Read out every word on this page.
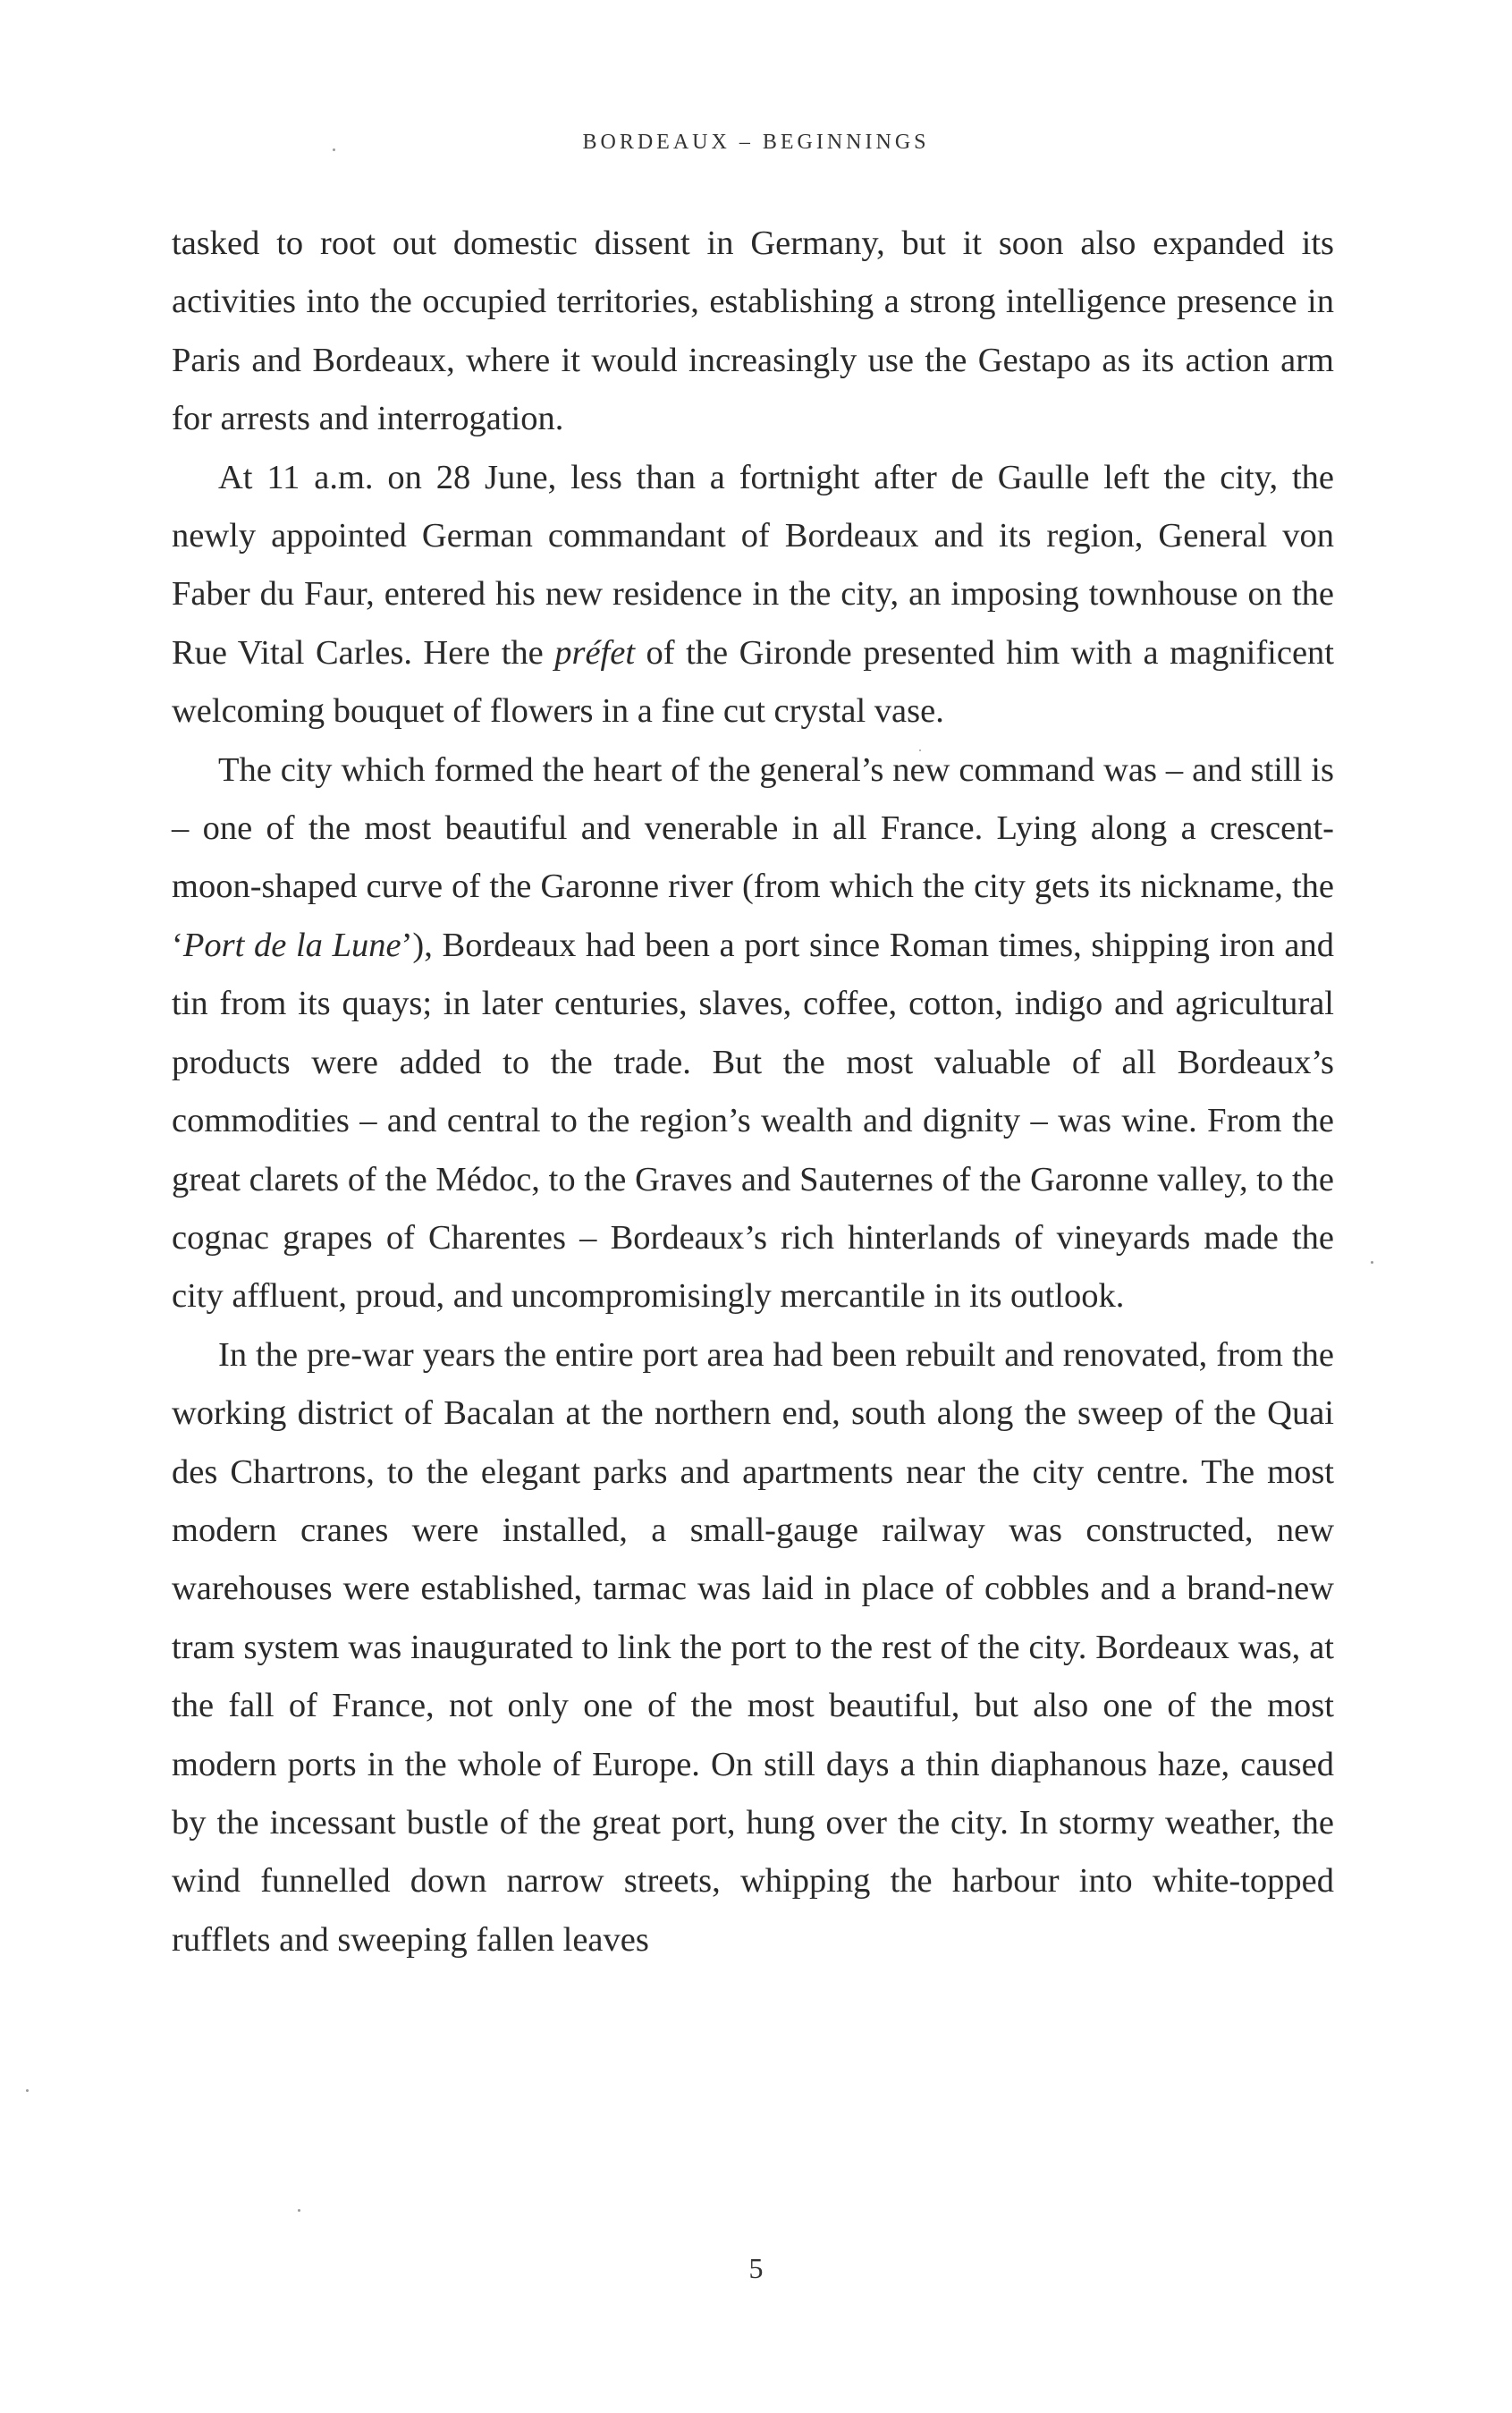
BORDEAUX – BEGINNINGS

tasked to root out domestic dissent in Germany, but it soon also expanded its activities into the occupied territories, establishing a strong intelligence presence in Paris and Bordeaux, where it would increasingly use the Gestapo as its action arm for arrests and interrogation.

At 11 a.m. on 28 June, less than a fortnight after de Gaulle left the city, the newly appointed German commandant of Bordeaux and its region, General von Faber du Faur, entered his new residence in the city, an imposing townhouse on the Rue Vital Carles. Here the préfet of the Gironde presented him with a magnificent welcoming bouquet of flowers in a fine cut crystal vase.

The city which formed the heart of the general’s new command was – and still is – one of the most beautiful and venerable in all France. Lying along a crescent-moon-shaped curve of the Garonne river (from which the city gets its nickname, the ‘Port de la Lune’), Bordeaux had been a port since Roman times, shipping iron and tin from its quays; in later centuries, slaves, coffee, cotton, indigo and agricultural products were added to the trade. But the most valuable of all Bordeaux’s commodities – and central to the region’s wealth and dignity – was wine. From the great clarets of the Médoc, to the Graves and Sauternes of the Garonne valley, to the cognac grapes of Charentes – Bordeaux’s rich hinterlands of vineyards made the city affluent, proud, and uncompromisingly mercantile in its outlook.

In the pre-war years the entire port area had been rebuilt and renovated, from the working district of Bacalan at the northern end, south along the sweep of the Quai des Chartrons, to the elegant parks and apartments near the city centre. The most modern cranes were installed, a small-gauge railway was constructed, new warehouses were established, tarmac was laid in place of cobbles and a brand-new tram system was inaugurated to link the port to the rest of the city. Bordeaux was, at the fall of France, not only one of the most beautiful, but also one of the most modern ports in the whole of Europe. On still days a thin diaphanous haze, caused by the incessant bustle of the great port, hung over the city. In stormy weather, the wind funnelled down narrow streets, whipping the harbour into white-topped rufflets and sweeping fallen leaves

5
